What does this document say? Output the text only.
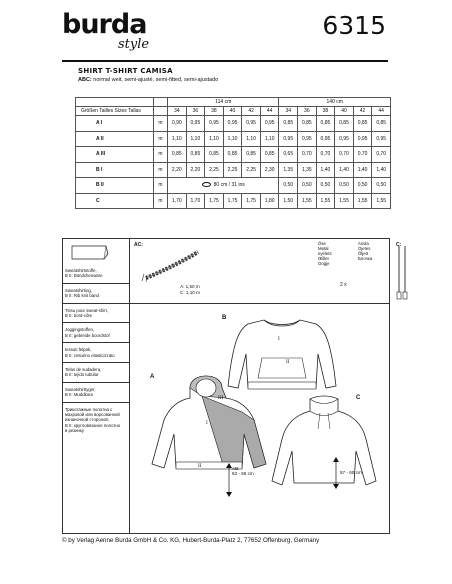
burda
style
6315
SHIRT T-SHIRT CAMISA
ABC: normal weit, semi-ajusté, semi-fitted, semi-ajustado
		114 cm						140 cm					
Größen Tailles Sizes Tallas		34	36	38	40	42	44	34	36	38	40	42	44
A I	m	0,90	0,95	0,95	0,95	0,95	0,95	0,85	0,85	0,85	0,85	0,85	0,85
A II	m	1,10	1,10	1,10	1,10	1,10	1,10	0,95	0,95	0,95	0,95	0,95	0,95
A III	m	0,85	0,85	0,85	0,85	0,85	0,85	0,65	0,70	0,70	0,70	0,70	0,70
B I	m	2,20	2,20	2,25	2,25	2,25	2,30	1,35	1,35	1,40	1,40	1,40	1,40
B II	m	80 cm / 31 ins						0,50	0,50	0,50	0,50	0,50	0,50
C	m	1,70	1,70	1,75	1,75	1,75	1,80	1,50	1,55	1,55	1,55	1,55	1,55
Sweatshirtstoffe,
B II: Bündchenware
Sweatshirting,
B II: Rib knit band
Tissu pour sweat-shirt,
B II: bord-côte
Joggingstoffen,
B II: gebreide boordstof
tessuti felpati,
B II: cinturino elasticizzato
Telas de sudadera,
B II: tejido tubular
Sweatshirttyger,
B II: Muddkora
Трикотажные полотна с
махровой или ворсованной
изнаночной стороной,
B II: кругловязаное полотно
в резинку
AC:
A: 1,50 m
C: 1,10 m
Öse
Metal
eyelets
Œillet
Oogje
Asola
Ojetes
Öljett
Блочка
2 x
C:
B
I
II
A
III
I
II	AB:
63 - 66 cm
C
57 - 60 cm
© by Verlag Aenne Burda GmbH & Co. KG, Hubert-Burda-Platz 2, 77652 Offenburg, Germany
